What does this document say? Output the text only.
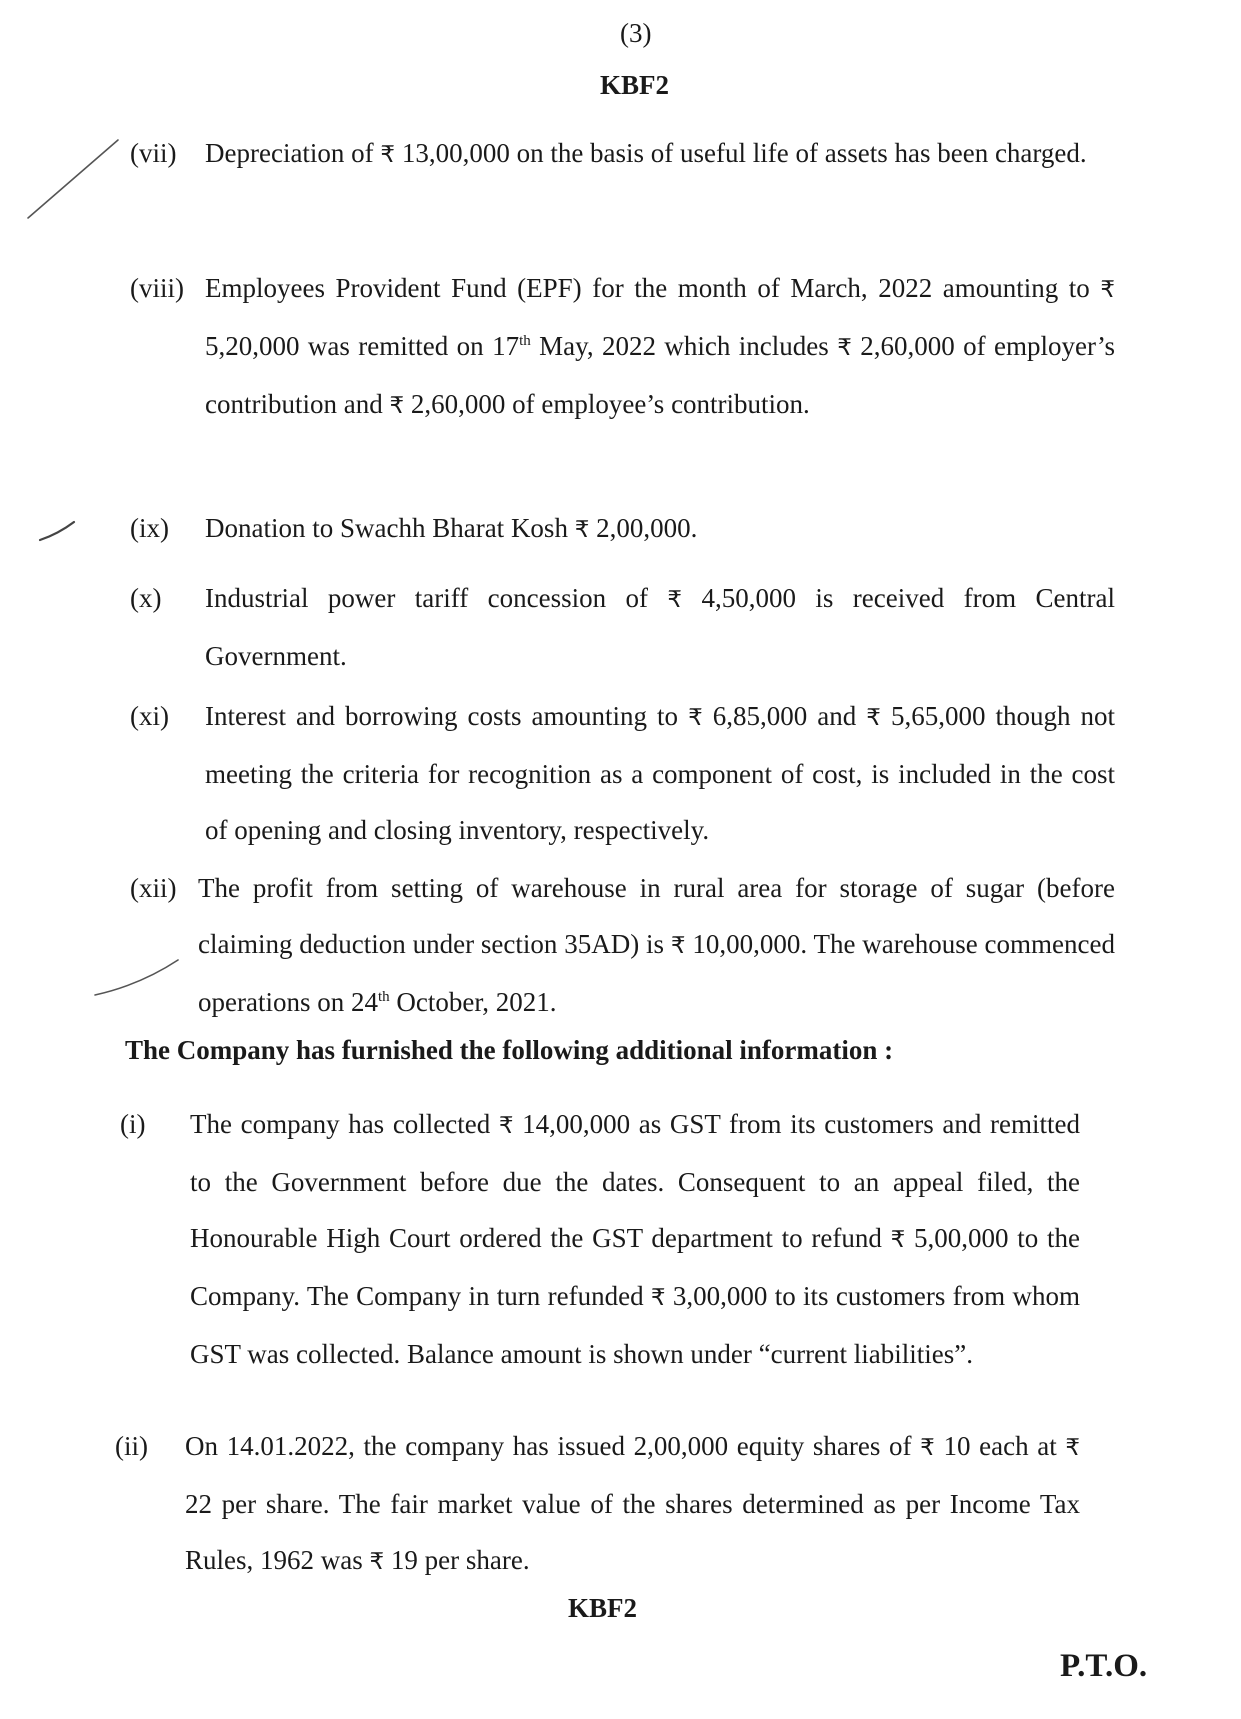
(3)
KBF2
(vii) Depreciation of ₹ 13,00,000 on the basis of useful life of assets has been charged.

(viii) Employees Provident Fund (EPF) for the month of March, 2022 amounting to ₹ 5,20,000 was remitted on 17th May, 2022 which includes ₹ 2,60,000 of employer’s contribution and ₹ 2,60,000 of employee’s contribution.

(ix) Donation to Swachh Bharat Kosh ₹ 2,00,000.

(x) Industrial power tariff concession of ₹ 4,50,000 is received from Central Government.

(xi) Interest and borrowing costs amounting to ₹ 6,85,000 and ₹ 5,65,000 though not meeting the criteria for recognition as a component of cost, is included in the cost of opening and closing inventory, respectively.

(xii) The profit from setting of warehouse in rural area for storage of sugar (before claiming deduction under section 35AD) is ₹ 10,00,000. The warehouse commenced operations on 24th October, 2021.

The Company has furnished the following additional information :
(i) The company has collected ₹ 14,00,000 as GST from its customers and remitted to the Government before due the dates. Consequent to an appeal filed, the Honourable High Court ordered the GST department to refund ₹ 5,00,000 to the Company. The Company in turn refunded ₹ 3,00,000 to its customers from whom GST was collected. Balance amount is shown under “current liabilities”.

(ii) On 14.01.2022, the company has issued 2,00,000 equity shares of ₹ 10 each at ₹ 22 per share. The fair market value of the shares determined as per Income Tax Rules, 1962 was ₹ 19 per share.

KBF2
P.T.O.
